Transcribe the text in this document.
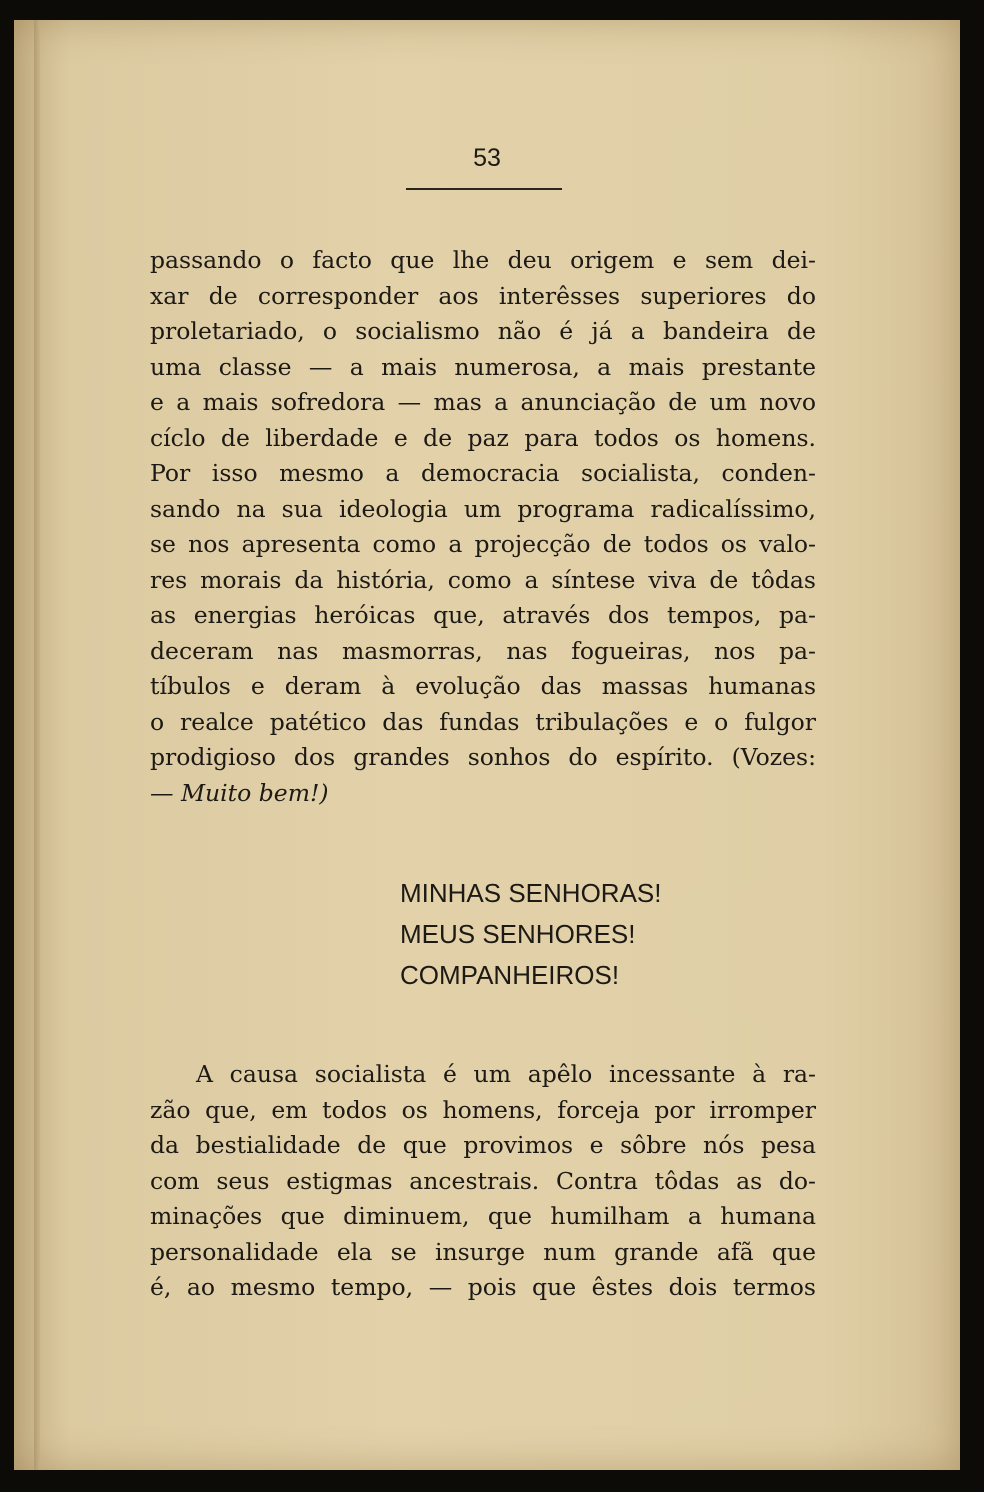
53

passando o facto que lhe deu origem e sem dei-
xar de corresponder aos interêsses superiores do
proletariado, o socialismo não é já a bandeira de
uma classe — a mais numerosa, a mais prestante
e a mais sofredora — mas a anunciação de um novo
cíclo de liberdade e de paz para todos os homens.
Por isso mesmo a democracia socialista, conden-
sando na sua ideologia um programa radicalíssimo,
se nos apresenta como a projecção de todos os valo-
res morais da história, como a síntese viva de tôdas
as energias heróicas que, através dos tempos, pa-
deceram nas masmorras, nas fogueiras, nos pa-
tíbulos e deram à evolução das massas humanas
o realce patético das fundas tribulações e o fulgor
prodigioso dos grandes sonhos do espírito. (Vozes:
— Muito bem!)

MINHAS SENHORAS!
MEUS SENHORES!
COMPANHEIROS!

A causa socialista é um apêlo incessante à ra-
zão que, em todos os homens, forceja por irromper
da bestialidade de que provimos e sôbre nós pesa
com seus estigmas ancestrais. Contra tôdas as do-
minações que diminuem, que humilham a humana
personalidade ela se insurge num grande afã que
é, ao mesmo tempo, — pois que êstes dois termos
